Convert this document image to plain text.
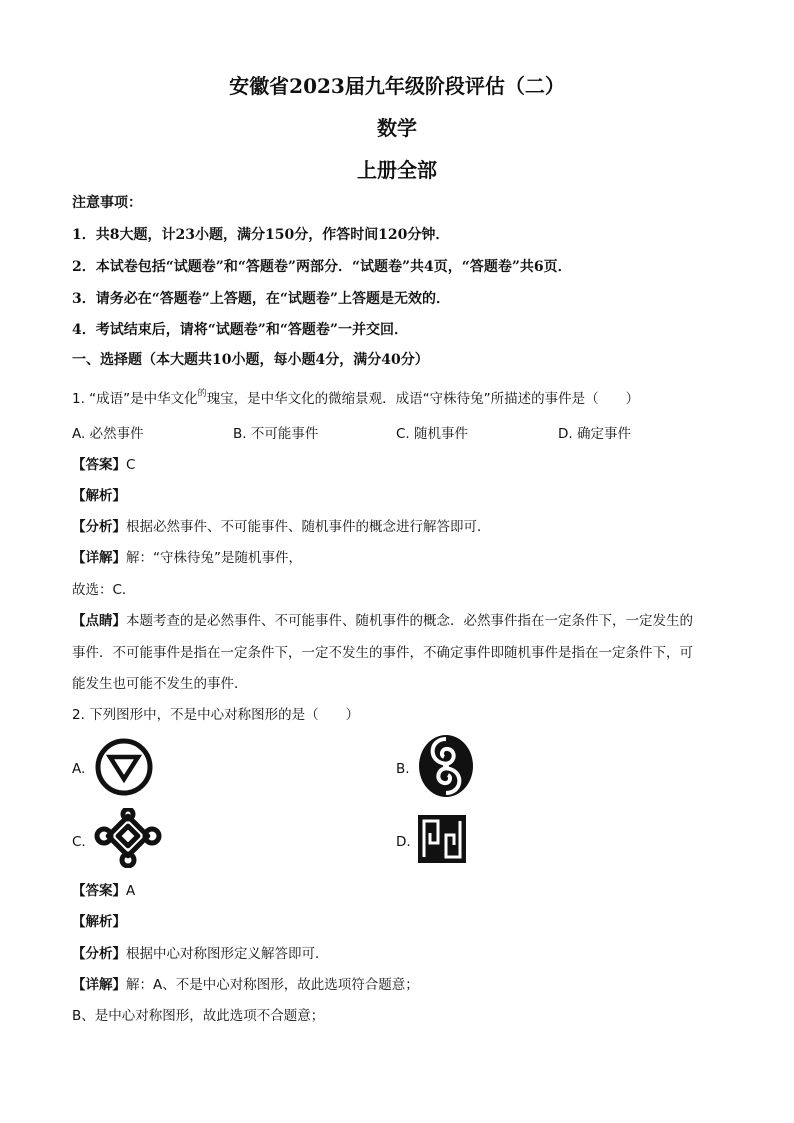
安徽省2023届九年级阶段评估（二）
数学
上册全部
注意事项：
1．共8大题，计23小题，满分150分，作答时间120分钟．
2．本试卷包括“试题卷”和“答题卷”两部分．“试题卷”共4页，“答题卷”共6页．
3．请务必在“答题卷”上答题，在“试题卷”上答题是无效的．
4．考试结束后，请将“试题卷”和“答题卷”一并交回．
一、选择题（本大题共10小题，每小题4分，满分40分）
1. “成语”是中华文化$^的$瑰宝，是中华文化的微缩景观．成语“守株待兔”所描述的事件是（　　）
A. 必然事件	B. 不可能事件	C. 随机事件	D. 确定事件
【答案】C
【解析】
【分析】根据必然事件、不可能事件、随机事件的概念进行解答即可．
【详解】解：“守株待兔”是随机事件，
故选：C．
【点睛】本题考查的是必然事件、不可能事件、随机事件的概念．必然事件指在一定条件下，一定发生的
事件．不可能事件是指在一定条件下，一定不发生的事件，不确定事件即随机事件是指在一定条件下，可
能发生也可能不发生的事件．
2. 下列图形中，不是中心对称图形的是（　　）
A.	B.
C.	D.
【答案】A
【解析】
【分析】根据中心对称图形定义解答即可．
【详解】解：A、不是中心对称图形，故此选项符合题意；
B、是中心对称图形，故此选项不合题意；
